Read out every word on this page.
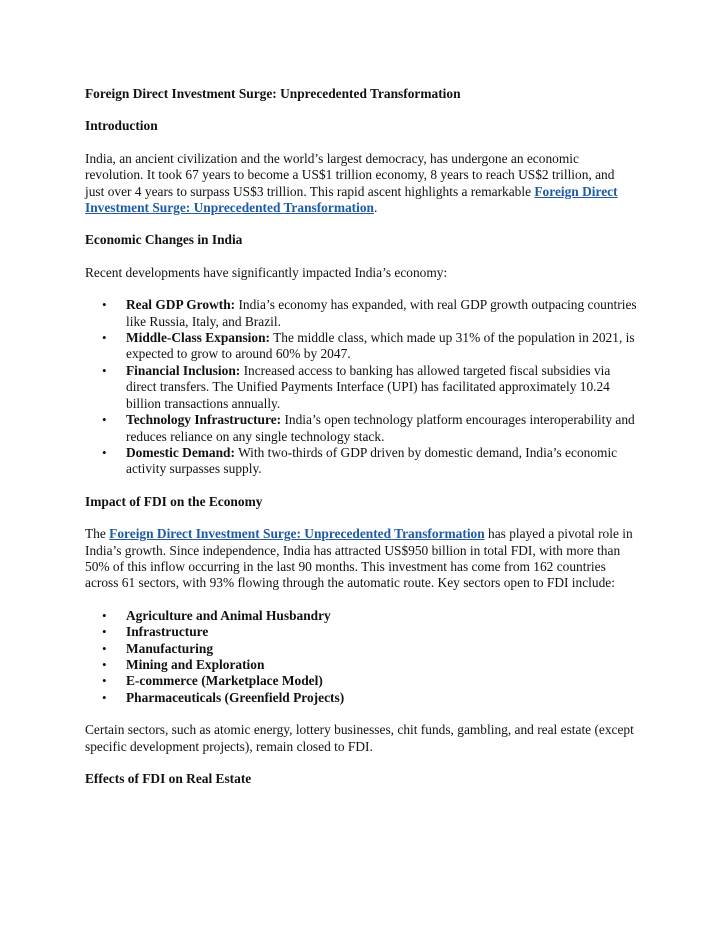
Foreign Direct Investment Surge: Unprecedented Transformation
Introduction

India, an ancient civilization and the world’s largest democracy, has undergone an economic revolution. It took 67 years to become a US$1 trillion economy, 8 years to reach US$2 trillion, and just over 4 years to surpass US$3 trillion. This rapid ascent highlights a remarkable Foreign Direct Investment Surge: Unprecedented Transformation.

Economic Changes in India

Recent developments have significantly impacted India’s economy:

• Real GDP Growth: India’s economy has expanded, with real GDP growth outpacing countries like Russia, Italy, and Brazil.
• Middle-Class Expansion: The middle class, which made up 31% of the population in 2021, is expected to grow to around 60% by 2047.
• Financial Inclusion: Increased access to banking has allowed targeted fiscal subsidies via direct transfers. The Unified Payments Interface (UPI) has facilitated approximately 10.24 billion transactions annually.
• Technology Infrastructure: India’s open technology platform encourages interoperability and reduces reliance on any single technology stack.
• Domestic Demand: With two-thirds of GDP driven by domestic demand, India’s economic activity surpasses supply.
Impact of FDI on the Economy

The Foreign Direct Investment Surge: Unprecedented Transformation has played a pivotal role in India’s growth. Since independence, India has attracted US$950 billion in total FDI, with more than 50% of this inflow occurring in the last 90 months. This investment has come from 162 countries across 61 sectors, with 93% flowing through the automatic route. Key sectors open to FDI include:

• Agriculture and Animal Husbandry
• Infrastructure
• Manufacturing
• Mining and Exploration
• E-commerce (Marketplace Model)
• Pharmaceuticals (Greenfield Projects)

Certain sectors, such as atomic energy, lottery businesses, chit funds, gambling, and real estate (except specific development projects), remain closed to FDI.

Effects of FDI on Real Estate
